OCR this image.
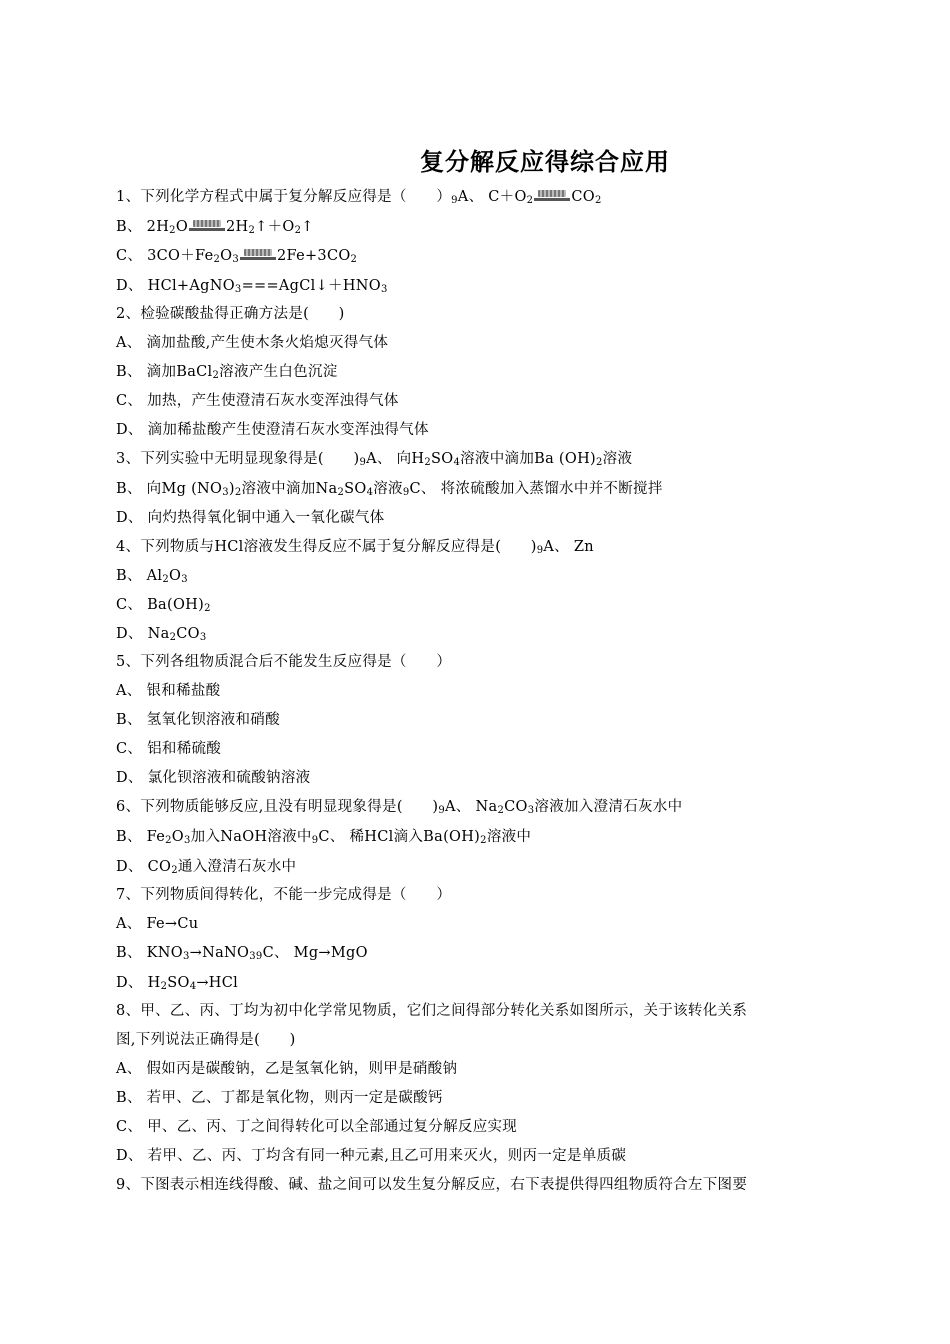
复分解反应得综合应用
1、下列化学方程式中属于复分解反应得是（　　）$_9A$、 $C+O_2$	$CO_2$
B、 $2H_2O$	$2H_2↑+O_2↑$
C、 $3CO+Fe_2O_3$	$2Fe+3CO_2$
D、 $HCl+AgNO_3===AgCl↓+HNO_3$
2、检验碳酸盐得正确方法是(　　)
A、 滴加盐酸,产生使木条火焰熄灭得气体
B、 滴加BaCl$_2$溶液产生白色沉淀
C、 加热，产生使澄清石灰水变浑浊得气体
D、 滴加稀盐酸产生使澄清石灰水变浑浊得气体
3、下列实验中无明显现象得是(　　)$_9A$、 向$H_2SO_4$溶液中滴加Ba $(OH)_2$溶液
B、 向Mg $(NO_3)_2$溶液中滴加$Na_2SO_4$溶液$_9$C、 将浓硫酸加入蒸馏水中并不断搅拌
D、 向灼热得氧化铜中通入一氧化碳气体
4、下列物质与HCl溶液发生得反应不属于复分解反应得是(　　)$_9A$、 Zn
B、 $Al_2O_3$
C、 $Ba(OH)_2$
D、 $Na_2CO_3$
5、下列各组物质混合后不能发生反应得是（　　）
A、 银和稀盐酸
B、 氢氧化钡溶液和硝酸
C、 铝和稀硫酸
D、 氯化钡溶液和硫酸钠溶液
6、下列物质能够反应,且没有明显现象得是(　　)$_9A$、 $Na_2CO_3$溶液加入澄清石灰水中
B、 $Fe_2O_3$加入NaOH溶液中$_9$C、 稀HCl滴入$Ba(OH)_2$溶液中
D、 $CO_2$通入澄清石灰水中
7、下列物质间得转化，不能一步完成得是（　　）
A、 Fe→Cu
B、 $KNO_3\to NaNO_{39}C$、 Mg→MgO
D、 $H_2SO_4\to HCl$
8、甲、乙、丙、丁均为初中化学常见物质，它们之间得部分转化关系如图所示，关于该转化关系
图,下列说法正确得是(　　)
A、 假如丙是碳酸钠，乙是氢氧化钠，则甲是硝酸钠
B、 若甲、乙、丁都是氧化物，则丙一定是碳酸钙
C、 甲、乙、丙、丁之间得转化可以全部通过复分解反应实现
D、 若甲、乙、丙、丁均含有同一种元素,且乙可用来灭火，则丙一定是单质碳
9、下图表示相连线得酸、碱、盐之间可以发生复分解反应，右下表提供得四组物质符合左下图要
